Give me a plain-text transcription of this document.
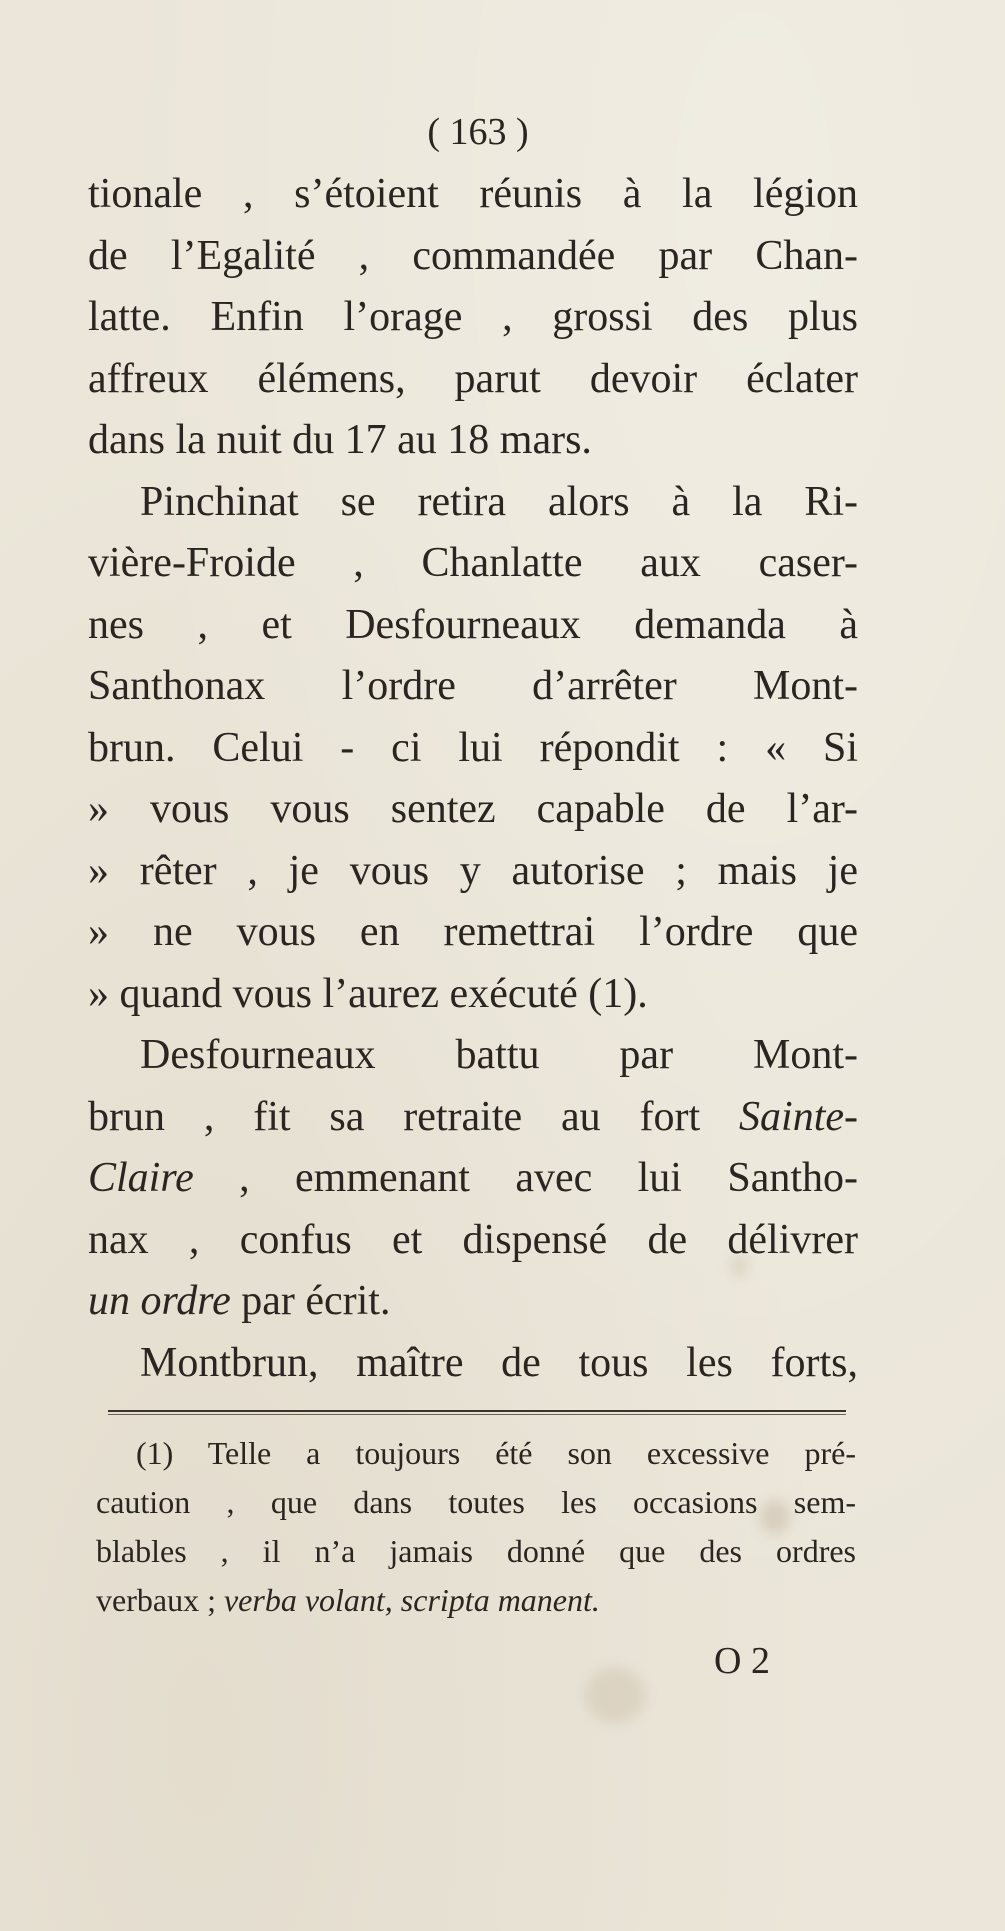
( 163 )
tionale , s’étoient réunis à la légion
de l’Egalité , commandée par Chan-
latte. Enfin l’orage , grossi des plus
affreux élémens, parut devoir éclater
dans la nuit du 17 au 18 mars.
Pinchinat se retira alors à la Ri-
vière-Froide , Chanlatte aux caser-
nes , et Desfourneaux demanda à
Santhonax l’ordre d’arrêter Mont-
brun. Celui - ci lui répondit : « Si
» vous vous sentez capable de l’ar-
» rêter , je vous y autorise ; mais je
» ne vous en remettrai l’ordre que
» quand vous l’aurez exécuté (1).
Desfourneaux battu par Mont-
brun , fit sa retraite au fort Sainte-
Claire , emmenant avec lui Santho-
nax , confus et dispensé de délivrer
un ordre par écrit.
Montbrun, maître de tous les forts,
(1) Telle a toujours été son excessive pré-
caution , que dans toutes les occasions sem-
blables , il n’a jamais donné que des ordres
verbaux ; verba volant, scripta manent.
O 2
